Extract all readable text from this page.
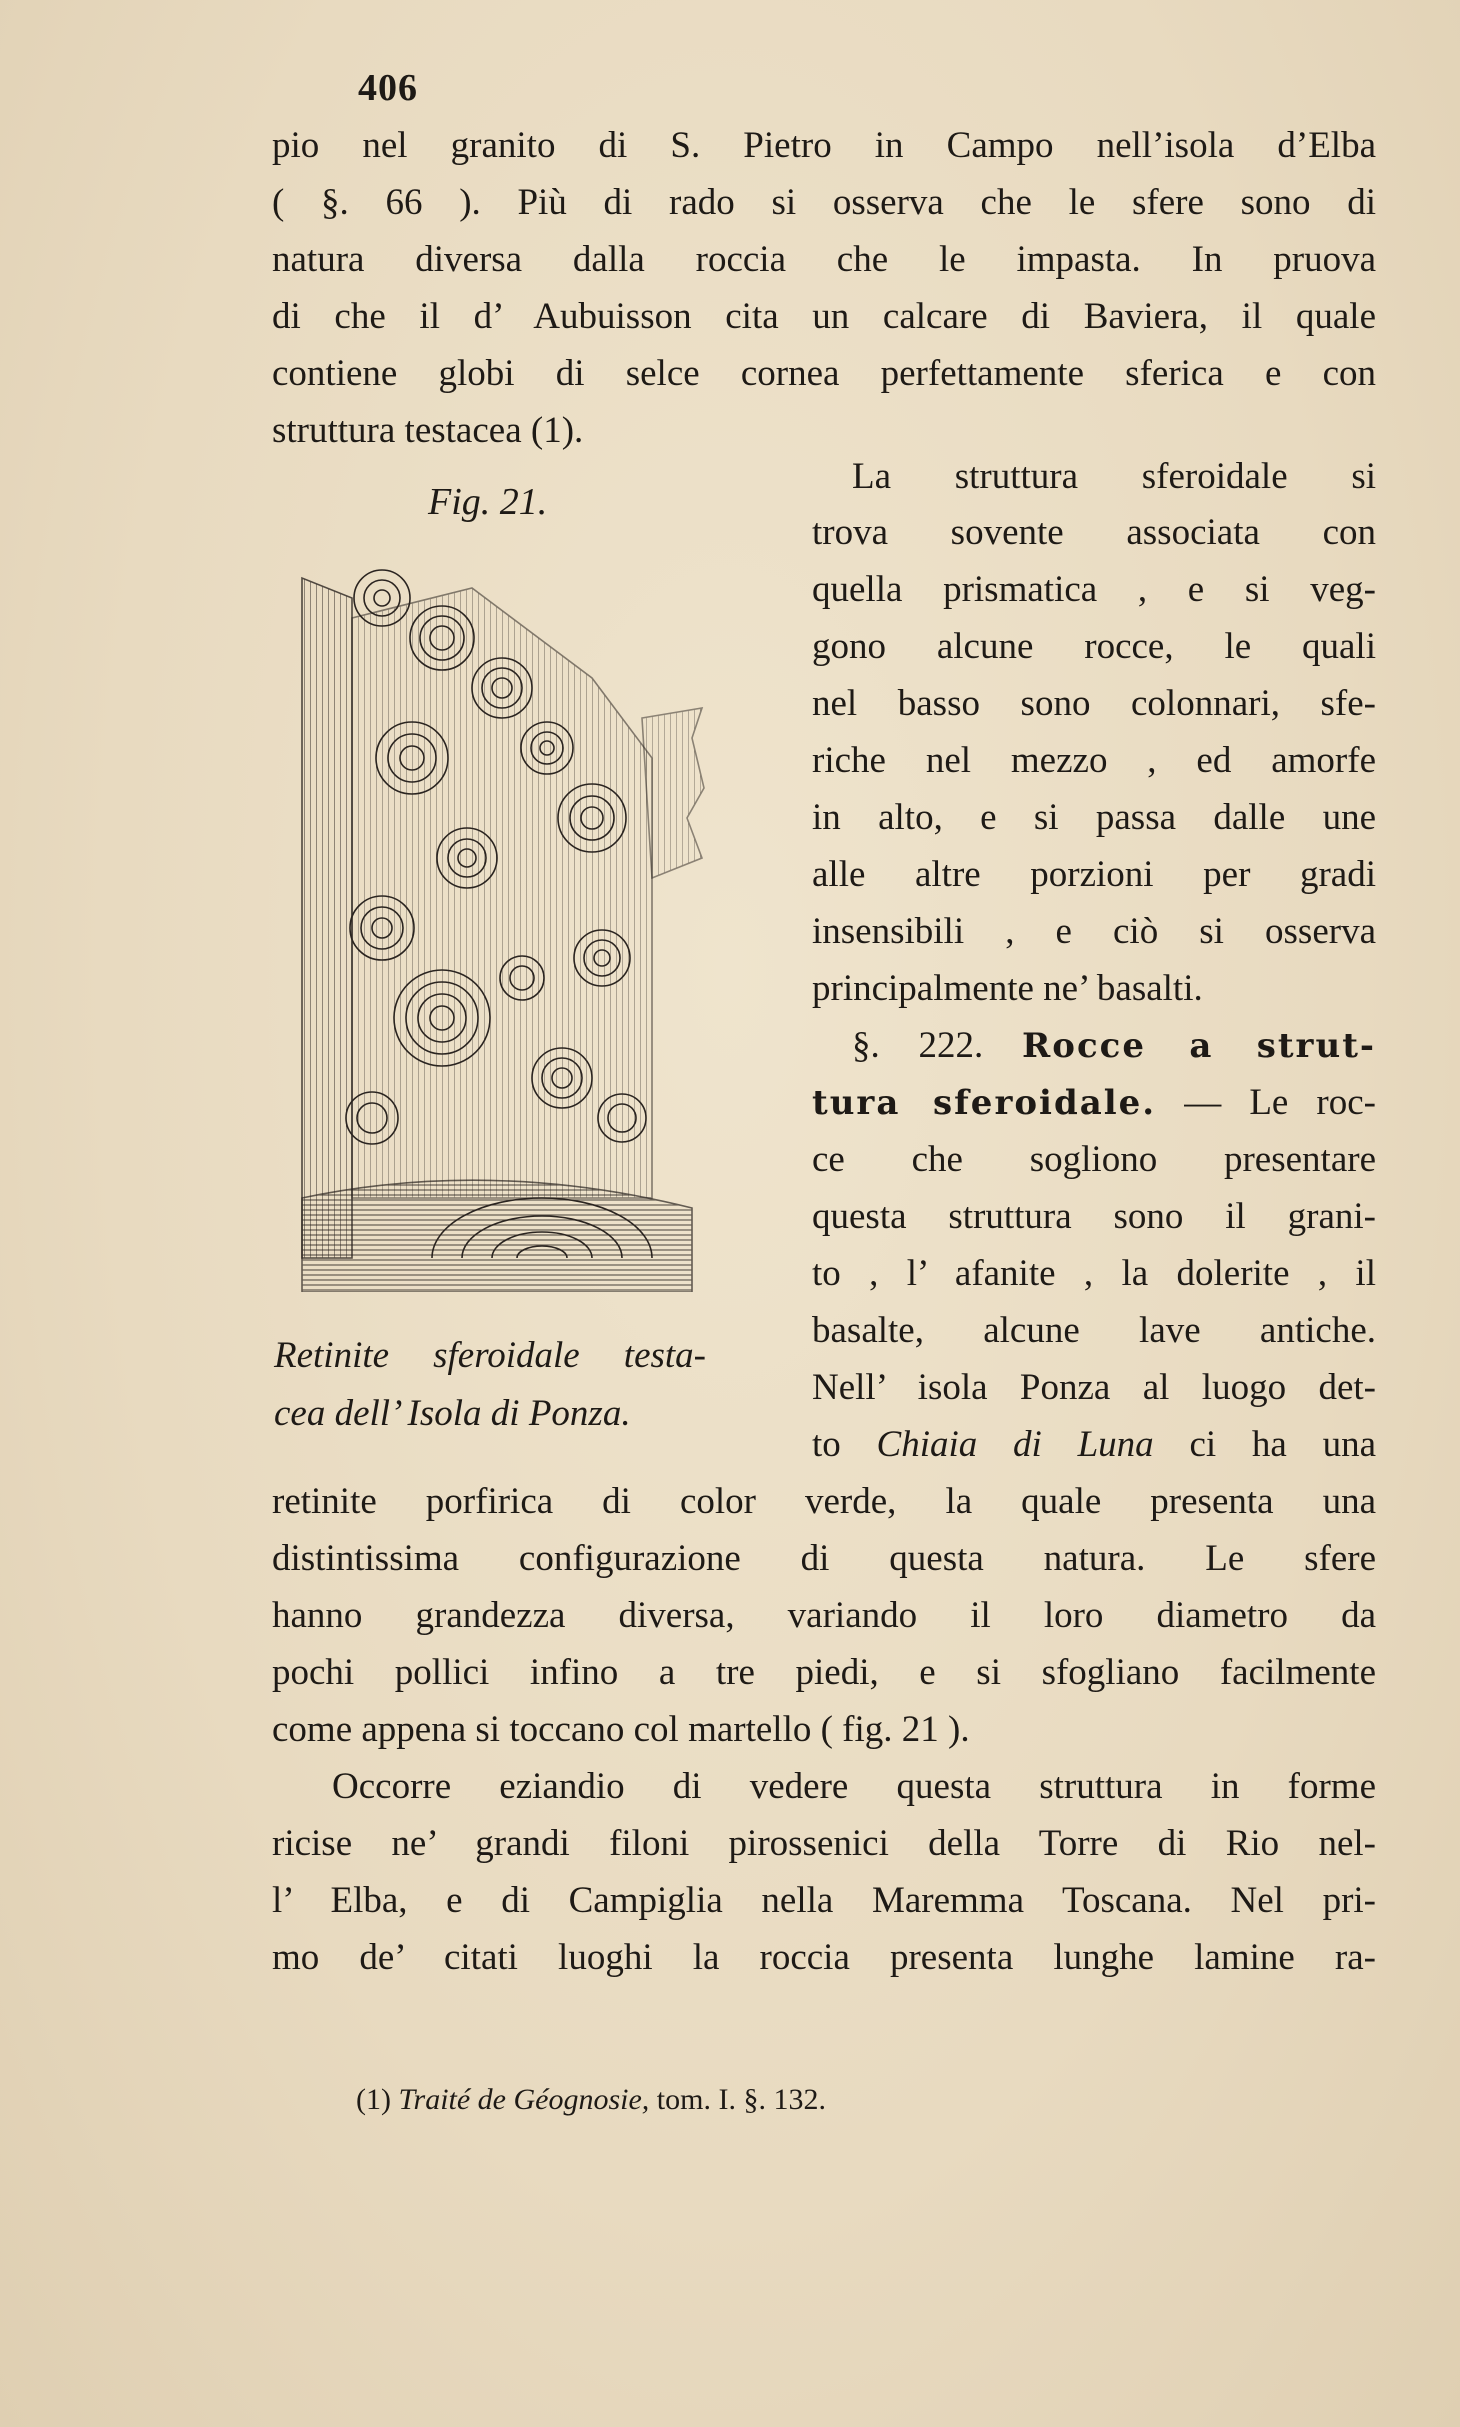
406
pio nel granito di S. Pietro in Campo nell’isola d’Elba
( §. 66 ). Più di rado si osserva che le sfere sono di
natura diversa dalla roccia che le impasta. In pruova
di che il d’ Aubuisson cita un calcare di Baviera, il quale
contiene globi di selce cornea perfettamente sferica e con
struttura testacea (1).
Fig. 21.
La struttura sferoidale si
trova sovente associata con
quella prismatica , e si veg-
gono alcune rocce, le quali
nel basso sono colonnari, sfe-
riche nel mezzo , ed amorfe
in alto, e si passa dalle une
alle altre porzioni per gradi
insensibili , e ciò si osserva
principalmente ne’ basalti.
§. 222. Rocce a strut-
tura sferoidale. — Le roc-
ce che sogliono presentare
questa struttura sono il grani-
to , l’ afanite , la dolerite , il
basalte, alcune lave antiche.
Nell’ isola Ponza al luogo det-
to Chiaia di Luna ci ha una
Retinite sferoidale testa-
cea dell’ Isola di Ponza.
retinite porfirica di color verde, la quale presenta una
distintissima configurazione di questa natura. Le sfere
hanno grandezza diversa, variando il loro diametro da
pochi pollici infino a tre piedi, e si sfogliano facilmente
come appena si toccano col martello ( fig. 21 ).
Occorre eziandio di vedere questa struttura in forme
ricise ne’ grandi filoni pirossenici della Torre di Rio nel-
l’ Elba, e di Campiglia nella Maremma Toscana. Nel pri-
mo de’ citati luoghi la roccia presenta lunghe lamine ra-
(1) Traité de Géognosie, tom. I. §. 132.
